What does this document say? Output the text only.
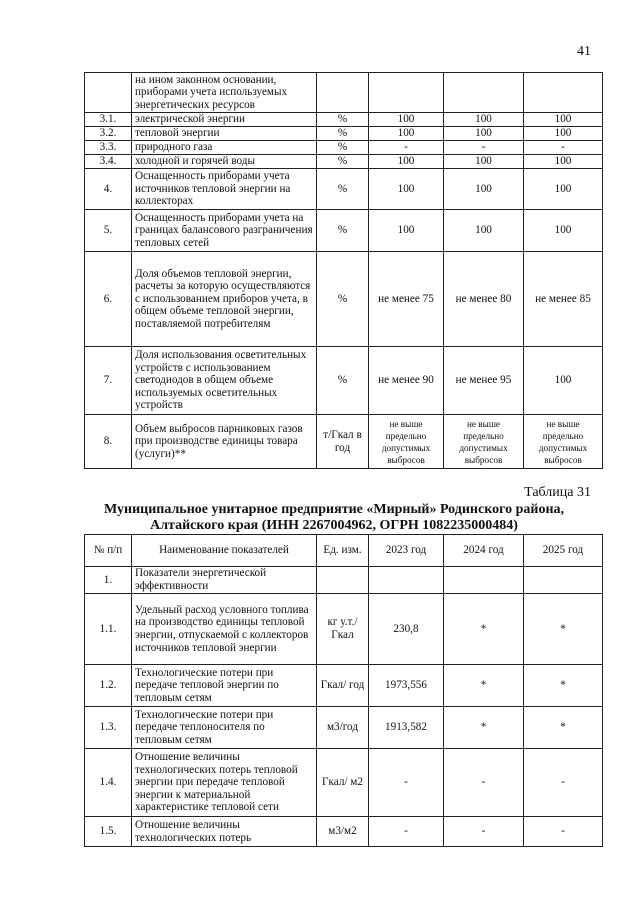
41
	на ином законном основании, приборами учета используемых энергетических ресурсов				
3.1.	электрической энергии	%	100	100	100
3.2.	тепловой энергии	%	100	100	100
3.3.	природного газа	%	-	-	-
3.4.	холодной и горячей воды	%	100	100	100
4.	Оснащенность приборами учета источников тепловой энергии на коллекторах	%	100	100	100
5.	Оснащенность приборами учета на границах балансового разграничения тепловых сетей	%	100	100	100
6.	Доля объемов тепловой энергии, расчеты за которую осуществляются с использованием приборов учета, в общем объеме тепловой энергии, поставляемой потребителям	%	не менее 75	не менее 80	не менее 85
7.	Доля использования осветительных устройств с использованием светодиодов в общем объеме используемых осветительных устройств	%	не менее 90	не менее 95	100
8.	Объем выбросов парниковых газов при производстве единицы товара (услуги)**	т/Гкал в год	не выше предельно допустимых выбросов	не выше предельно допустимых выбросов	не выше предельно допустимых выбросов
Таблица 31
Муниципальное унитарное предприятие «Мирный» Родинского района, Алтайского края (ИНН 2267004962, ОГРН 1082235000484)
№ п/п	Наименование показателей	Ед. изм.	2023 год	2024 год	2025 год
1.	Показатели энергетической эффективности				
1.1.	Удельный расход условного топлива на производство единицы тепловой энергии, отпускаемой с коллекторов источников тепловой энергии	кг у.т./ Гкал	230,8	*	*
1.2.	Технологические потери при передаче тепловой энергии по тепловым сетям	Гкал/ год	1973,556	*	*
1.3.	Технологические потери при передаче теплоносителя по тепловым сетям	м3/год	1913,582	*	*
1.4.	Отношение величины технологических потерь тепловой энергии при передаче тепловой энергии к материальной характеристике тепловой сети	Гкал/ м2	-	-	-
1.5.	Отношение величины технологических потерь	м3/м2	-	-	-
